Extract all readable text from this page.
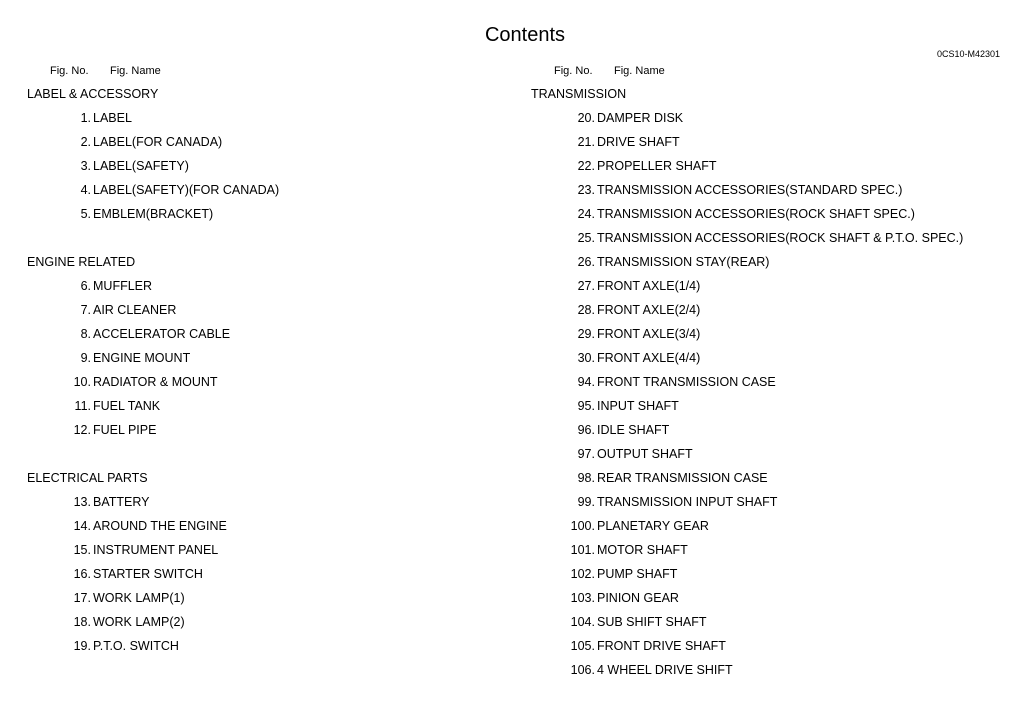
Contents
0CS10-M42301
Fig. No. Fig. Name
LABEL & ACCESSORY
1. LABEL
2. LABEL(FOR CANADA)
3. LABEL(SAFETY)
4. LABEL(SAFETY)(FOR CANADA)
5. EMBLEM(BRACKET)
ENGINE RELATED
6. MUFFLER
7. AIR CLEANER
8. ACCELERATOR CABLE
9. ENGINE MOUNT
10. RADIATOR & MOUNT
11. FUEL TANK
12. FUEL PIPE
ELECTRICAL PARTS
13. BATTERY
14. AROUND THE ENGINE
15. INSTRUMENT PANEL
16. STARTER SWITCH
17. WORK LAMP(1)
18. WORK LAMP(2)
19. P.T.O. SWITCH
Fig. No. Fig. Name
TRANSMISSION
20. DAMPER DISK
21. DRIVE SHAFT
22. PROPELLER SHAFT
23. TRANSMISSION ACCESSORIES(STANDARD SPEC.)
24. TRANSMISSION ACCESSORIES(ROCK SHAFT SPEC.)
25. TRANSMISSION ACCESSORIES(ROCK SHAFT & P.T.O. SPEC.)
26. TRANSMISSION STAY(REAR)
27. FRONT AXLE(1/4)
28. FRONT AXLE(2/4)
29. FRONT AXLE(3/4)
30. FRONT AXLE(4/4)
94. FRONT TRANSMISSION CASE
95. INPUT SHAFT
96. IDLE SHAFT
97. OUTPUT SHAFT
98. REAR TRANSMISSION CASE
99. TRANSMISSION INPUT SHAFT
100. PLANETARY GEAR
101. MOTOR SHAFT
102. PUMP SHAFT
103. PINION GEAR
104. SUB SHIFT SHAFT
105. FRONT DRIVE SHAFT
106. 4 WHEEL DRIVE SHIFT
